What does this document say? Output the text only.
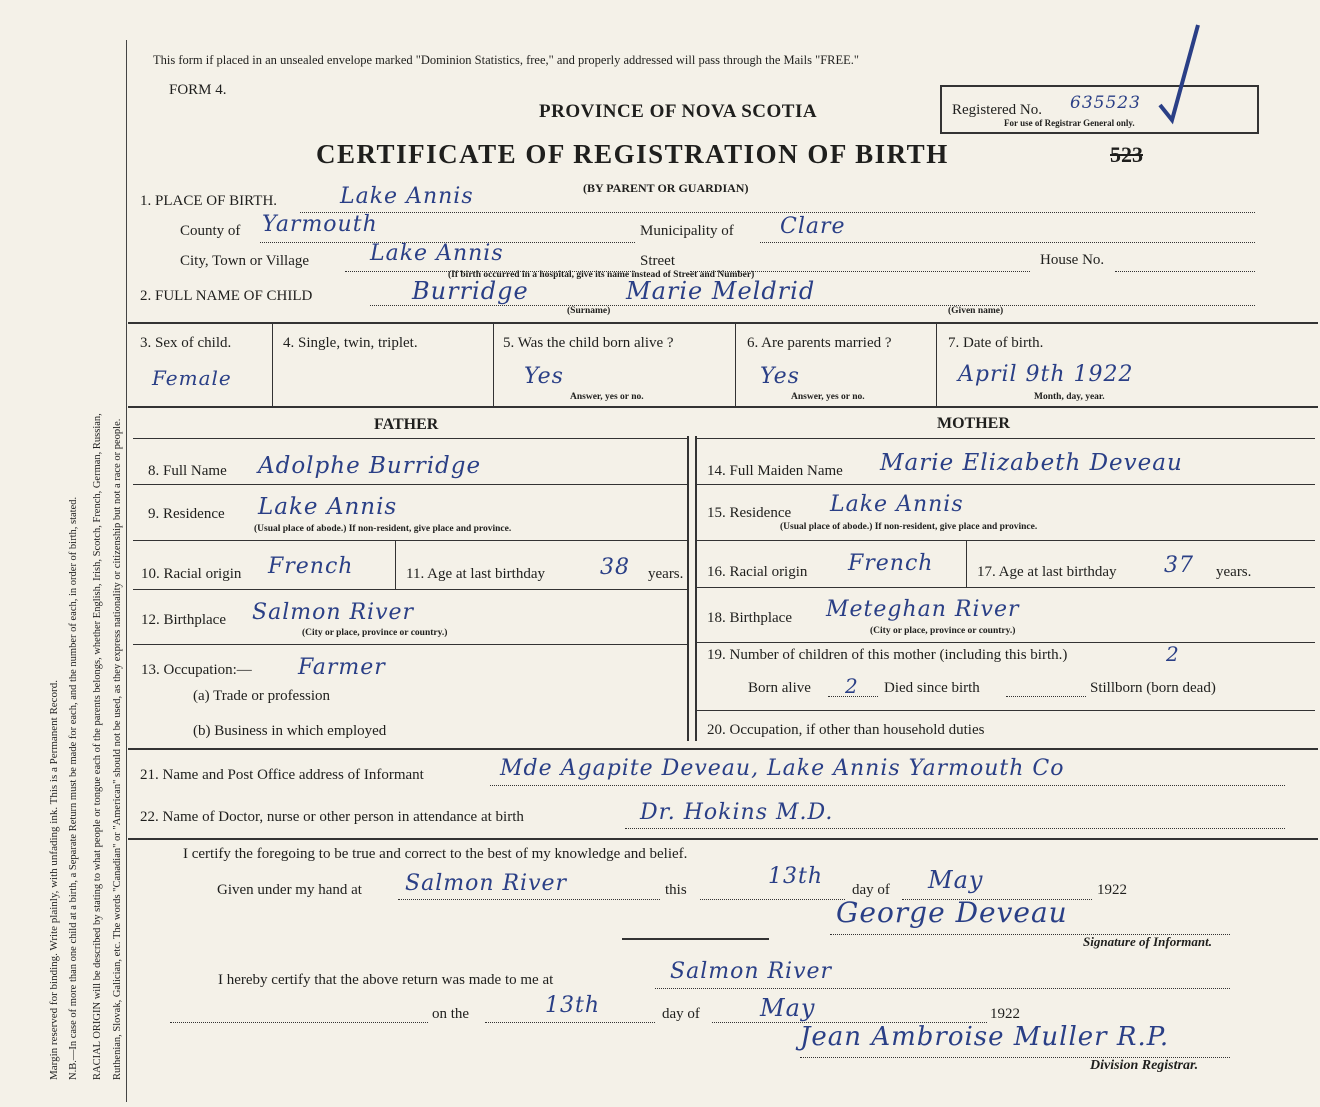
Margin reserved for binding. Write plainly, with unfading ink. This is a Permanent Record. N.B.—In case of more than one child at a birth, a Separate Return must be made for each, and the number of each, in order of birth, stated. RACIAL ORIGIN will be described by stating to what people or tongue each of the parents belongs, whether English, Irish, Scotch, French, German, Russian, Ruthenian, Slovak, Galician, etc. The words "Canadian" or "American" should not be used, as they express nationality or citizenship but not a race or people.
This form if placed in an unsealed envelope marked "Dominion Statistics, free," and properly addressed will pass through the Mails "FREE."
FORM 4.
PROVINCE OF NOVA SCOTIA	Registered No. 635523
For use of Registrar General only.
CERTIFICATE OF REGISTRATION OF BIRTH	523
(BY PARENT OR GUARDIAN)
1. PLACE OF BIRTH.	Lake Annis
County of Yarmouth	Municipality of Clare
City, Town or Village	Lake Annis	Street	House No.
(If birth occurred in a hospital, give its name instead of Street and Number)
2. FULL NAME OF CHILD	Burridge	Marie Meldrid
(Surname)	(Given name)
3. Sex of child.
Female
4. Single, twin, triplet.	5. Was the child born alive ?
Yes
Answer, yes or no.
6. Are parents married ?
Yes
Answer, yes or no.
7. Date of birth.
April 9th 1922
Month, day, year.
FATHER	MOTHER
8. Full Name Adolphe Burridge
9. Residence Lake Annis
(Usual place of abode.) If non-resident, give place and province.
10. Racial origin French	11. Age at last birthday	38 years.
12. Birthplace Salmon River
(City or place, province or country.)
13. Occupation:— Farmer
(a) Trade or profession
(b) Business in which employed
14. Full Maiden Name Marie Elizabeth Deveau
15. Residence Lake Annis
(Usual place of abode.) If non-resident, give place and province.
16. Racial origin French	17. Age at last birthday 37 years.
18. Birthplace Meteghan River
(City or place, province or country.)
19. Number of children of this mother (including this birth.)	2
Born alive 2 Died since birth	Stillborn (born dead)
20. Occupation, if other than household duties
21. Name and Post Office address of Informant	Mde Agapite Deveau, Lake Annis Yarmouth Co
22. Name of Doctor, nurse or other person in attendance at birth	Dr. Hokins M.D.
I certify the foregoing to be true and correct to the best of my knowledge and belief.
Given under my hand at Salmon River	this
13th
day of May	1922
George Deveau
Signature of Informant.
I hereby certify that the above return was made to me at	Salmon River
on the	13th	day of	May	1922
Jean Ambroise Muller R.P.
Division Registrar.
